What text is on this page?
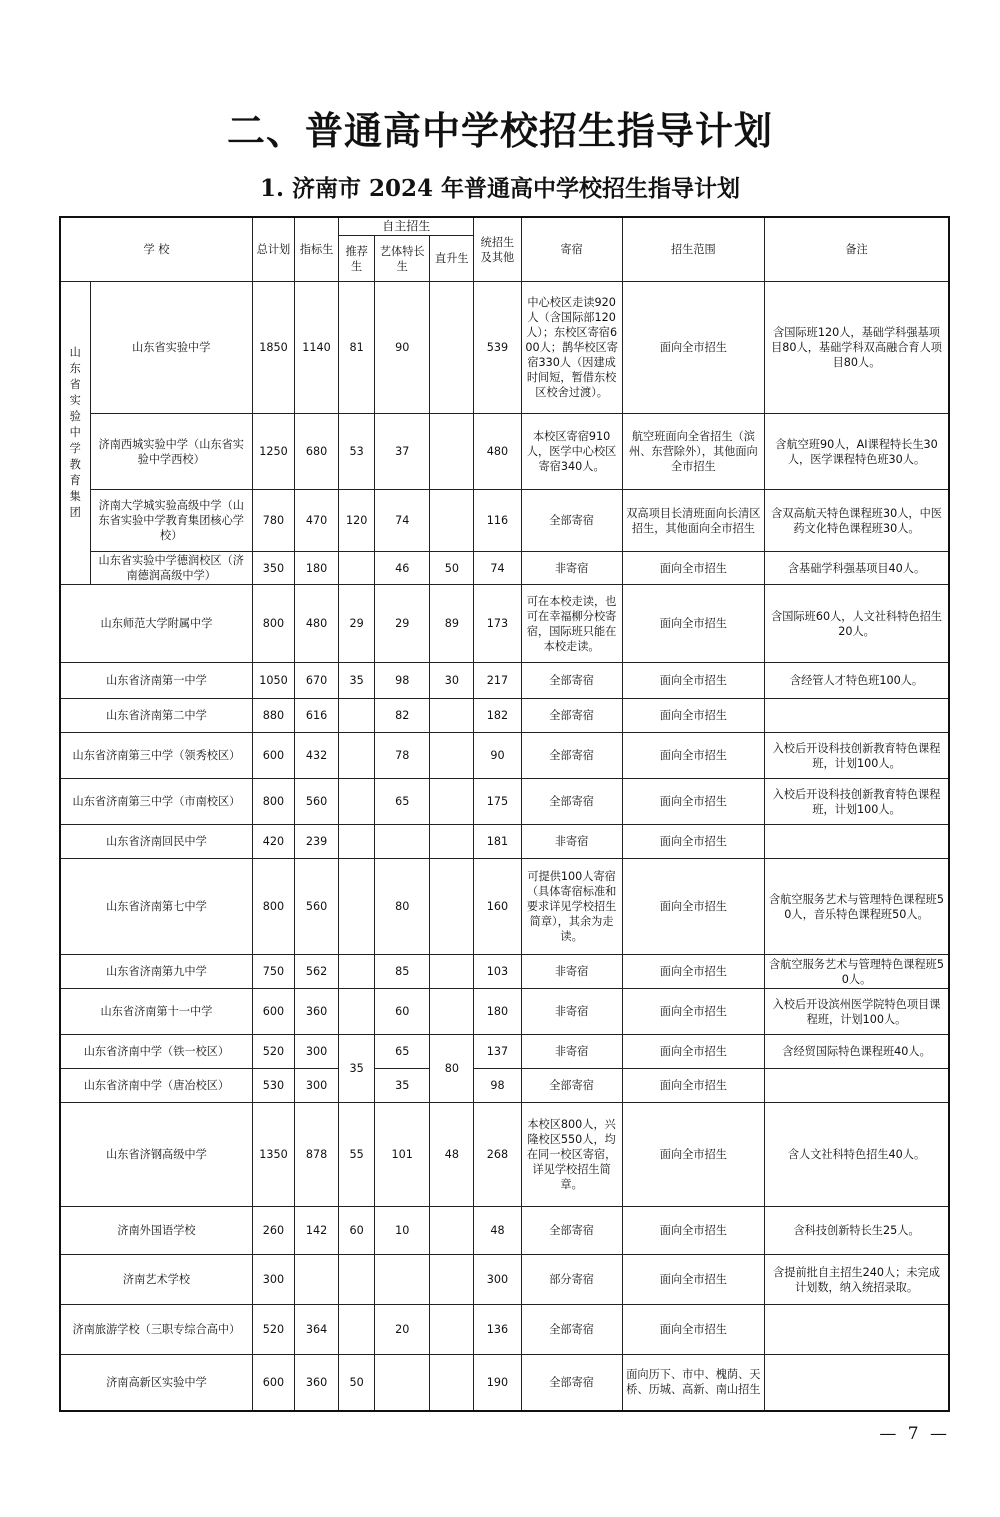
二、普通高中学校招生指导计划
1. 济南市 2024 年普通高中学校招生指导计划
学 校		总计划	指标生	自主招生			统招生及其他	寄宿	招生范围	备注
				推荐生	艺体特长生	直升生				
山东省实验中学教育集团	山东省实验中学	1850	1140	81	90		539	中心校区走读920人（含国际部120人）；东校区寄宿600人；鹊华校区寄宿330人（因建成时间短，暂借东校区校舍过渡）。	面向全市招生	含国际班120人，基础学科强基项目80人，基础学科双高融合育人项目80人。
	济南西城实验中学（山东省实验中学西校）	1250	680	53	37		480	本校区寄宿910人，医学中心校区寄宿340人。	航空班面向全省招生（滨州、东营除外），其他面向全市招生	含航空班90人，AI课程特长生30人，医学课程特色班30人。
	济南大学城实验高级中学（山东省实验中学教育集团核心学校）	780	470	120	74		116	全部寄宿	双高项目长清班面向长清区招生，其他面向全市招生	含双高航天特色课程班30人，中医药文化特色课程班30人。
	山东省实验中学德润校区（济南德润高级中学）	350	180		46	50	74	非寄宿	面向全市招生	含基础学科强基项目40人。
山东师范大学附属中学		800	480	29	29	89	173	可在本校走读，也可在幸福柳分校寄宿，国际班只能在本校走读。	面向全市招生	含国际班60人，人文社科特色招生20人。
山东省济南第一中学		1050	670	35	98	30	217	全部寄宿	面向全市招生	含经管人才特色班100人。
山东省济南第二中学		880	616		82		182	全部寄宿	面向全市招生	
山东省济南第三中学（领秀校区）		600	432		78		90	全部寄宿	面向全市招生	入校后开设科技创新教育特色课程班，计划100人。
山东省济南第三中学（市南校区）		800	560		65		175	全部寄宿	面向全市招生	入校后开设科技创新教育特色课程班，计划100人。
山东省济南回民中学		420	239				181	非寄宿	面向全市招生	
山东省济南第七中学		800	560		80		160	可提供100人寄宿（具体寄宿标准和要求详见学校招生简章），其余为走读。	面向全市招生	含航空服务艺术与管理特色课程班50人，音乐特色课程班50人。
山东省济南第九中学		750	562		85		103	非寄宿	面向全市招生	含航空服务艺术与管理特色课程班50人。
山东省济南第十一中学		600	360		60		180	非寄宿	面向全市招生	入校后开设滨州医学院特色项目课程班，计划100人。
山东省济南中学（铁一校区）		520	300	35	65	80	137	非寄宿	面向全市招生	含经贸国际特色课程班40人。
山东省济南中学（唐冶校区）		530	300		35		98	全部寄宿	面向全市招生	
山东省济钢高级中学		1350	878	55	101	48	268	本校区800人，兴隆校区550人，均在同一校区寄宿，详见学校招生简章。	面向全市招生	含人文社科特色招生40人。
济南外国语学校		260	142	60	10		48	全部寄宿	面向全市招生	含科技创新特长生25人。
济南艺术学校		300					300	部分寄宿	面向全市招生	含提前批自主招生240人；未完成计划数，纳入统招录取。
济南旅游学校（三职专综合高中）		520	364		20		136	全部寄宿	面向全市招生	
济南高新区实验中学		600	360	50			190	全部寄宿	面向历下、市中、槐荫、天桥、历城、高新、南山招生	
— 7 —
